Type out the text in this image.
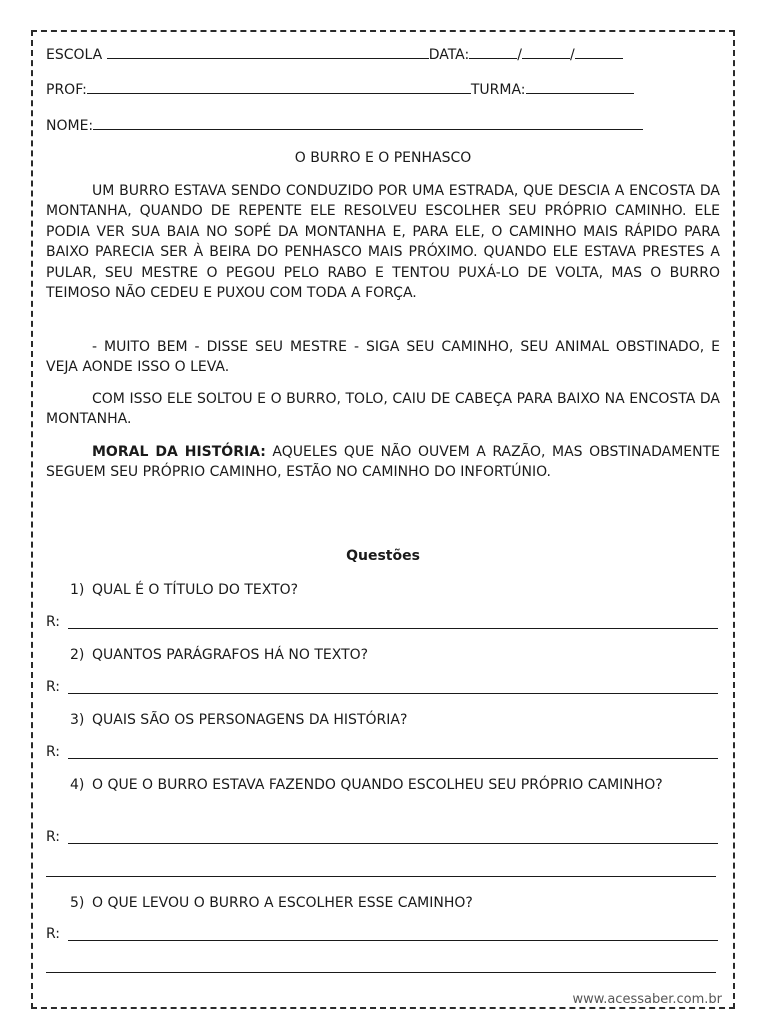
ESCOLA	DATA:	/	/
PROF:	TURMA:
NOME:
O BURRO E O PENHASCO

UM BURRO ESTAVA SENDO CONDUZIDO POR UMA ESTRADA, QUE DESCIA A ENCOSTA DA MONTANHA, QUANDO DE REPENTE ELE RESOLVEU ESCOLHER SEU PRÓPRIO CAMINHO. ELE PODIA VER SUA BAIA NO SOPÉ DA MONTANHA E, PARA ELE, O CAMINHO MAIS RÁPIDO PARA BAIXO PARECIA SER À BEIRA DO PENHASCO MAIS PRÓXIMO. QUANDO ELE ESTAVA PRESTES A PULAR, SEU MESTRE O PEGOU PELO RABO E TENTOU PUXÁ-LO DE VOLTA, MAS O BURRO TEIMOSO NÃO CEDEU E PUXOU COM TODA A FORÇA.

- MUITO BEM - DISSE SEU MESTRE - SIGA SEU CAMINHO, SEU ANIMAL OBSTINADO, E VEJA AONDE ISSO O LEVA.

COM ISSO ELE SOLTOU E O BURRO, TOLO, CAIU DE CABEÇA PARA BAIXO NA ENCOSTA DA MONTANHA.

MORAL DA HISTÓRIA: AQUELES QUE NÃO OUVEM A RAZÃO, MAS OBSTINADAMENTE SEGUEM SEU PRÓPRIO CAMINHO, ESTÃO NO CAMINHO DO INFORTÚNIO.

Questões
1) QUAL É O TÍTULO DO TEXTO?
R:
2) QUANTOS PARÁGRAFOS HÁ NO TEXTO?
R:
3) QUAIS SÃO OS PERSONAGENS DA HISTÓRIA?
R:
4) O QUE O BURRO ESTAVA FAZENDO QUANDO ESCOLHEU SEU PRÓPRIO CAMINHO?
R:
5) O QUE LEVOU O BURRO A ESCOLHER ESSE CAMINHO?
R:
www.acessaber.com.br
